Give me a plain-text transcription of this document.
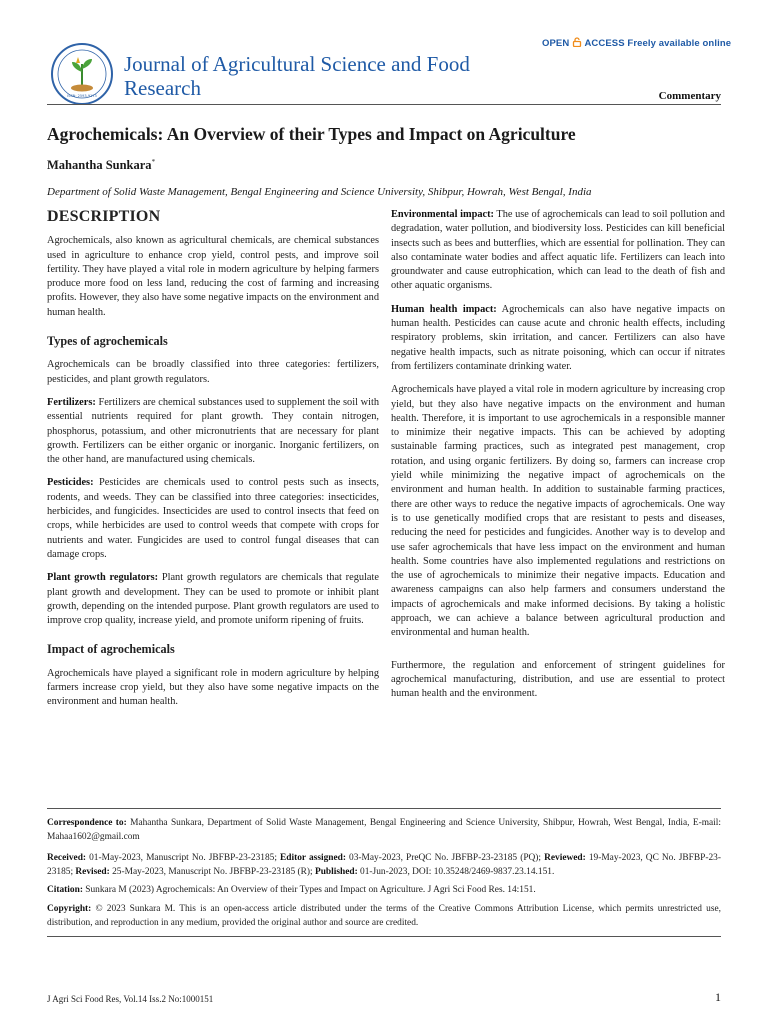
ISSN: 2593-9173
Journal of Agricultural Science and Food Research
OPEN ACCESS Freely available online
Commentary
Agrochemicals: An Overview of their Types and Impact on Agriculture
Mahantha Sunkara*
Department of Solid Waste Management, Bengal Engineering and Science University, Shibpur, Howrah, West Bengal, India
DESCRIPTION

Agrochemicals, also known as agricultural chemicals, are chemical substances used in agriculture to enhance crop yield, control pests, and improve soil fertility. They have played a vital role in modern agriculture by helping farmers produce more food on less land, reducing the cost of farming and increasing profits. However, they also have some negative impacts on the environment and human health.

Types of agrochemicals

Agrochemicals can be broadly classified into three categories: fertilizers, pesticides, and plant growth regulators.

Fertilizers: Fertilizers are chemical substances used to supplement the soil with essential nutrients required for plant growth. They contain nitrogen, phosphorus, potassium, and other micronutrients that are necessary for plant growth. Fertilizers can be either organic or inorganic. Inorganic fertilizers, on the other hand, are manufactured using chemicals.

Pesticides: Pesticides are chemicals used to control pests such as insects, rodents, and weeds. They can be classified into three categories: insecticides, herbicides, and fungicides. Insecticides are used to control insects that feed on crops, while herbicides are used to control weeds that compete with crops for nutrients and water. Fungicides are used to control fungal diseases that can damage crops.

Plant growth regulators: Plant growth regulators are chemicals that regulate plant growth and development. They can be used to promote or inhibit plant growth, depending on the intended purpose. Plant growth regulators are used to improve crop quality, increase yield, and promote uniform ripening of fruits.

Impact of agrochemicals

Agrochemicals have played a significant role in modern agriculture by helping farmers increase crop yield, but they also have some negative impacts on the environment and human health.

Environmental impact: The use of agrochemicals can lead to soil pollution and degradation, water pollution, and biodiversity loss. Pesticides can kill beneficial insects such as bees and butterflies, which are essential for pollination. They can also contaminate water bodies and affect aquatic life. Fertilizers can leach into groundwater and cause eutrophication, which can lead to the death of fish and other aquatic organisms.

Human health impact: Agrochemicals can also have negative impacts on human health. Pesticides can cause acute and chronic health effects, including respiratory problems, skin irritation, and cancer. Fertilizers can also have negative health impacts, such as nitrate poisoning, which can occur if nitrates from fertilizers contaminate drinking water.

Agrochemicals have played a vital role in modern agriculture by increasing crop yield, but they also have negative impacts on the environment and human health. Therefore, it is important to use agrochemicals in a responsible manner to minimize their negative impacts. This can be achieved by adopting sustainable farming practices, such as integrated pest management, crop rotation, and using organic fertilizers. By doing so, farmers can increase crop yield while minimizing the negative impact of agrochemicals on the environment and human health. In addition to sustainable farming practices, there are other ways to reduce the negative impacts of agrochemicals. One way is to use genetically modified crops that are resistant to pests and diseases, reducing the need for pesticides and fungicides. Another way is to develop and use safer agrochemicals that have less impact on the environment and human health. Some countries have also implemented regulations and restrictions on the use of agrochemicals to minimize their negative impacts. Education and awareness campaigns can also help farmers and consumers understand the impacts of agrochemicals and make informed decisions. By taking a holistic approach, we can achieve a balance between agricultural production and environmental and human health.

Furthermore, the regulation and enforcement of stringent guidelines for agrochemical manufacturing, distribution, and use are essential to protect human health and the environment.

Correspondence to: Mahantha Sunkara, Department of Solid Waste Management, Bengal Engineering and Science University, Shibpur, Howrah, West Bengal, India, E-mail: Mahaa1602@gmail.com
Received: 01-May-2023, Manuscript No. JBFBP-23-23185; Editor assigned: 03-May-2023, PreQC No. JBFBP-23-23185 (PQ); Reviewed: 19-May-2023, QC No. JBFBP-23-23185; Revised: 25-May-2023, Manuscript No. JBFBP-23-23185 (R); Published: 01-Jun-2023, DOI: 10.35248/2469-9837.23.14.151.
Citation: Sunkara M (2023) Agrochemicals: An Overview of their Types and Impact on Agriculture. J Agri Sci Food Res. 14:151.
Copyright: © 2023 Sunkara M. This is an open-access article distributed under the terms of the Creative Commons Attribution License, which permits unrestricted use, distribution, and reproduction in any medium, provided the original author and source are credited.
J Agri Sci Food Res, Vol.14 Iss.2 No:1000151	1
